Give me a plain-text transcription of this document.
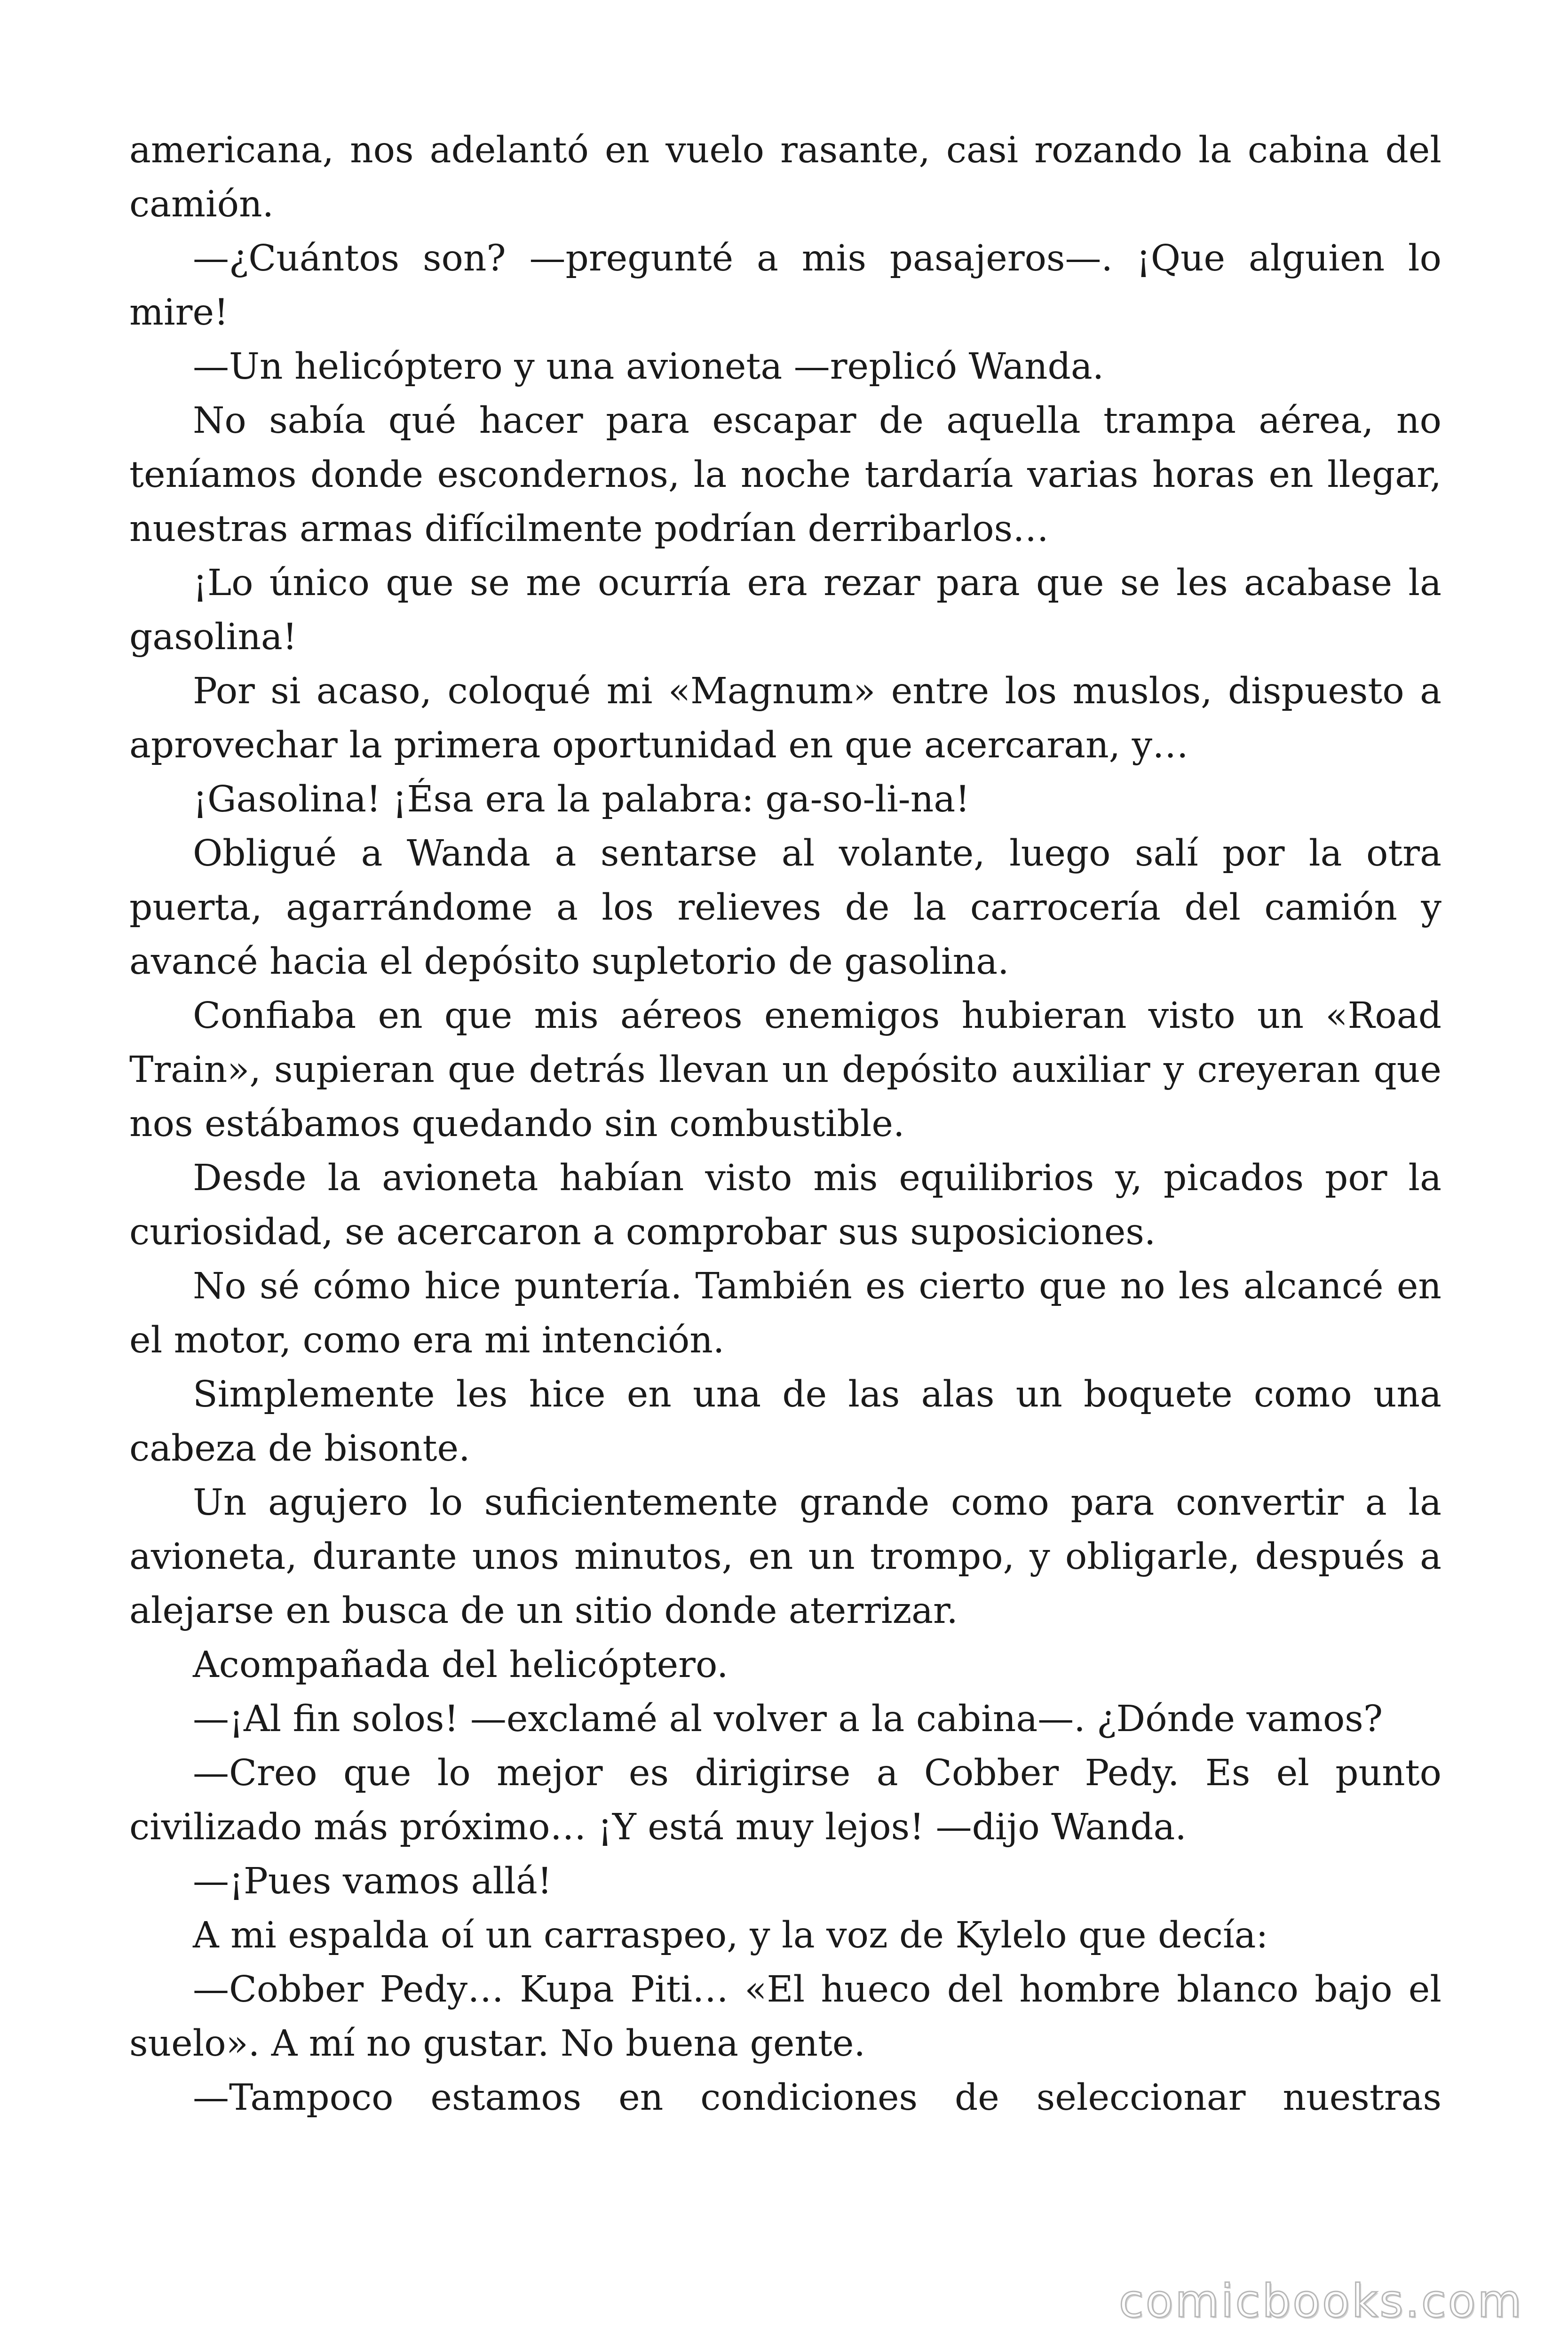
americana, nos adelantó en vuelo rasante, casi rozando la cabina del camión.

—¿Cuántos son? —pregunté a mis pasajeros—. ¡Que alguien lo mire!

—Un helicóptero y una avioneta —replicó Wanda.

No sabía qué hacer para escapar de aquella trampa aérea, no teníamos donde escondernos, la noche tardaría varias horas en llegar, nuestras armas difícilmente podrían derribarlos…

¡Lo único que se me ocurría era rezar para que se les acabase la gasolina!

Por si acaso, coloqué mi «Magnum» entre los muslos, dispuesto a aprovechar la primera oportunidad en que acercaran, y…

¡Gasolina! ¡Ésa era la palabra: ga-so-li-na!

Obligué a Wanda a sentarse al volante, luego salí por la otra puerta, agarrándome a los relieves de la carrocería del camión y avancé hacia el depósito supletorio de gasolina.

Confiaba en que mis aéreos enemigos hubieran visto un «Road Train», supieran que detrás llevan un depósito auxiliar y creyeran que nos estábamos quedando sin combustible.

Desde la avioneta habían visto mis equilibrios y, picados por la curiosidad, se acercaron a comprobar sus suposiciones.

No sé cómo hice puntería. También es cierto que no les alcancé en el motor, como era mi intención.

Simplemente les hice en una de las alas un boquete como una cabeza de bisonte.

Un agujero lo suficientemente grande como para convertir a la avioneta, durante unos minutos, en un trompo, y obligarle, después a alejarse en busca de un sitio donde aterrizar.

Acompañada del helicóptero.

—¡Al fin solos! —exclamé al volver a la cabina—. ¿Dónde vamos?

—Creo que lo mejor es dirigirse a Cobber Pedy. Es el punto civilizado más próximo… ¡Y está muy lejos! —dijo Wanda.

—¡Pues vamos allá!

A mi espalda oí un carraspeo, y la voz de Kylelo que decía:

—Cobber Pedy… Kupa Piti… «El hueco del hombre blanco bajo el suelo». A mí no gustar. No buena gente.

—Tampoco estamos en condiciones de seleccionar nuestras

comicbooks.com
